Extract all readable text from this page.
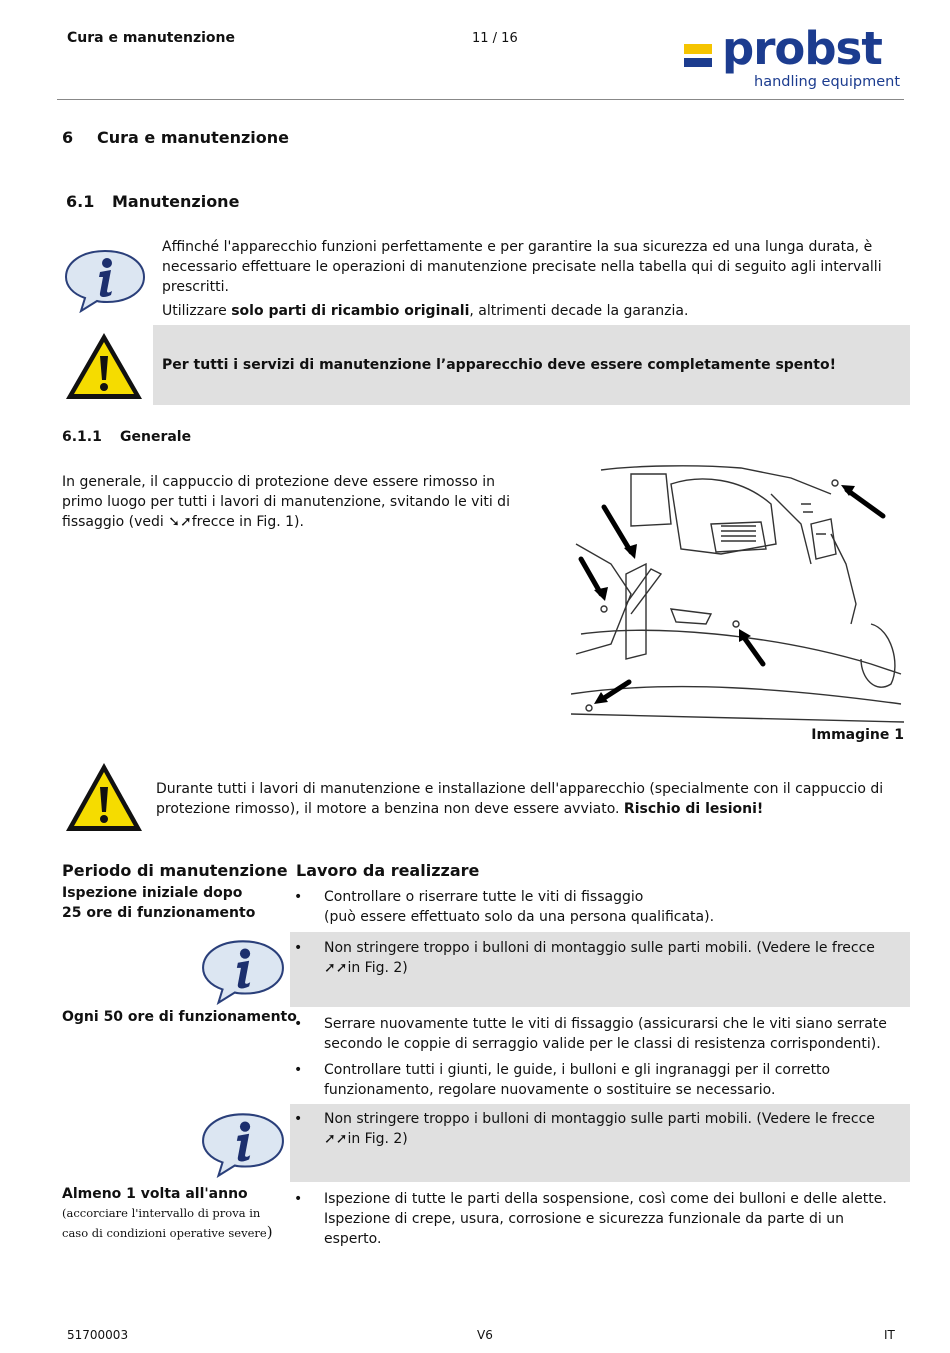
Cura e manutenzione	11 / 16	probst
handling equipment
6 Cura e manutenzione
6.1 Manutenzione

Affinché l'apparecchio funzioni perfettamente e per garantire la sua sicurezza ed una lunga durata, è necessario effettuare le operazioni di manutenzione precisate nella tabella qui di seguito agli intervalli prescritti.

Utilizzare solo parti di ricambio originali, altrimenti decade la garanzia.

Per tutti i servizi di manutenzione l’apparecchio deve essere completamente spento!

6.1.1 Generale

In generale, il cappuccio di protezione deve essere rimosso in primo luogo per tutti i lavori di manutenzione, svitando le viti di fissaggio (vedi ➘➚frecce in Fig. 1).

Immagine 1

Durante tutti i lavori di manutenzione e installazione dell'apparecchio (specialmente con il cappuccio di protezione rimosso), il motore a benzina non deve essere avviato. Rischio di lesioni!

Periodo di manutenzione Lavoro da realizzare
Ispezione iniziale dopo 25 ore di funzionamento
• Controllare o riserrare tutte le viti di fissaggio
(può essere effettuato solo da una persona qualificata).
• Non stringere troppo i bulloni di montaggio sulle parti mobili. (Vedere le frecce ➚➚in Fig. 2)
Ogni 50 ore di funzionamento
•	Serrare nuovamente tutte le viti di fissaggio (assicurarsi che le viti siano serrate secondo le coppie di serraggio valide per le classi di resistenza corrispondenti).
• Controllare tutti i giunti, le guide, i bulloni e gli ingranaggi per il corretto funzionamento, regolare nuovamente o sostituire se necessario.
• Non stringere troppo i bulloni di montaggio sulle parti mobili. (Vedere le frecce ➚➚in Fig. 2)
Almeno 1 volta all'anno
(accorciare l'intervallo di prova in caso di condizioni operative severe)
• Ispezione di tutte le parti della sospensione, così come dei bulloni e delle alette. Ispezione di crepe, usura, corrosione e sicurezza funzionale da parte di un esperto.
51700003	V6	IT
